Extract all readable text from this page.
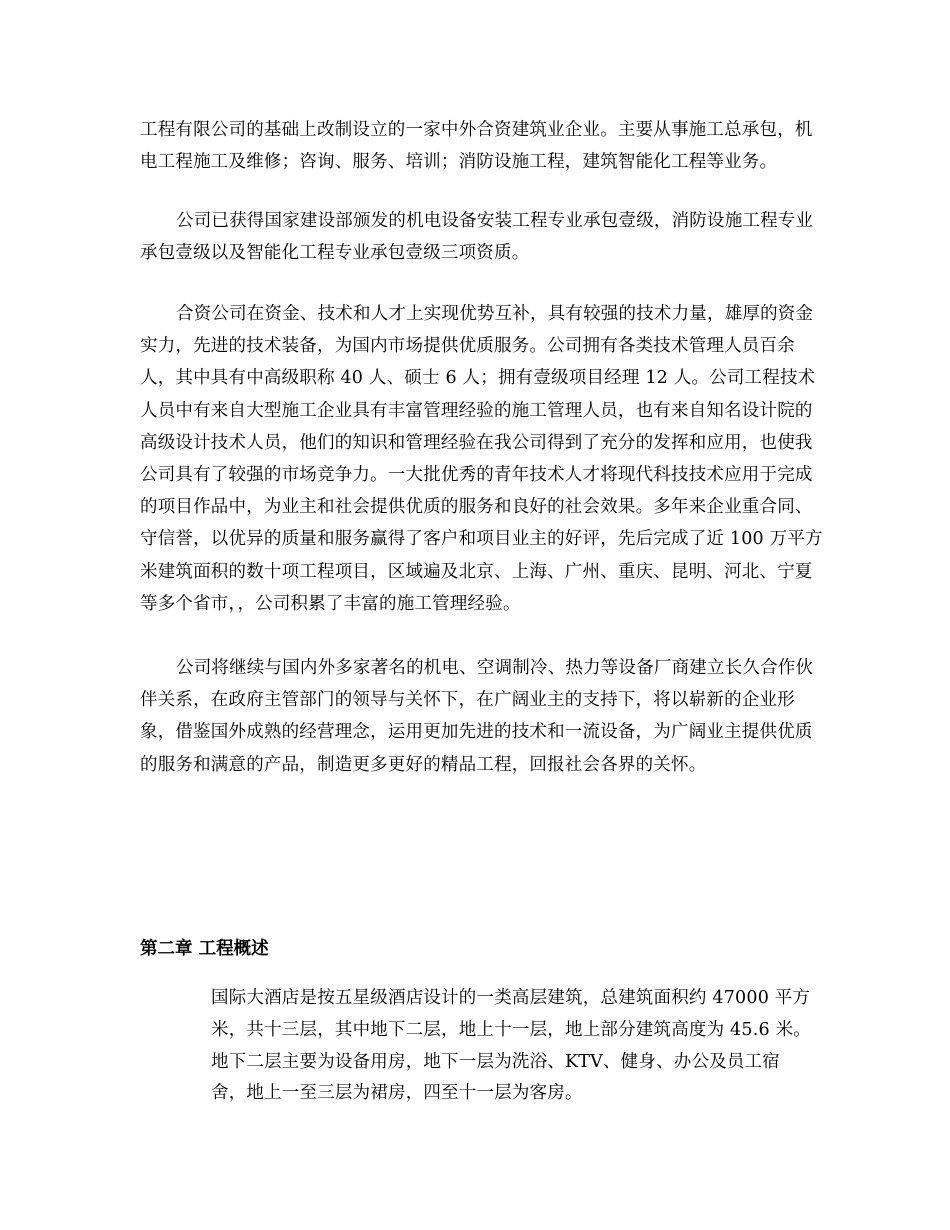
工程有限公司的基础上改制设立的一家中外合资建筑业企业。主要从事施工总承包，机电工程施工及维修；咨询、服务、培训；消防设施工程，建筑智能化工程等业务。

公司已获得国家建设部颁发的机电设备安装工程专业承包壹级，消防设施工程专业承包壹级以及智能化工程专业承包壹级三项资质。

合资公司在资金、技术和人才上实现优势互补，具有较强的技术力量，雄厚的资金实力，先进的技术装备，为国内市场提供优质服务。公司拥有各类技术管理人员百余人，其中具有中高级职称 40 人、硕士 6 人；拥有壹级项目经理 12 人。公司工程技术人员中有来自大型施工企业具有丰富管理经验的施工管理人员，也有来自知名设计院的高级设计技术人员，他们的知识和管理经验在我公司得到了充分的发挥和应用，也使我公司具有了较强的市场竞争力。一大批优秀的青年技术人才将现代科技技术应用于完成的项目作品中，为业主和社会提供优质的服务和良好的社会效果。多年来企业重合同、守信誉，以优异的质量和服务赢得了客户和项目业主的好评，先后完成了近 100 万平方米建筑面积的数十项工程项目，区域遍及北京、上海、广州、重庆、昆明、河北、宁夏等多个省市，，公司积累了丰富的施工管理经验。

公司将继续与国内外多家著名的机电、空调制冷、热力等设备厂商建立长久合作伙伴关系，在政府主管部门的领导与关怀下，在广阔业主的支持下，将以崭新的企业形象，借鉴国外成熟的经营理念，运用更加先进的技术和一流设备，为广阔业主提供优质的服务和满意的产品，制造更多更好的精品工程，回报社会各界的关怀。

第二章 工程概述

国际大酒店是按五星级酒店设计的一类高层建筑，总建筑面积约 47000 平方米，共十三层，其中地下二层，地上十一层，地上部分建筑高度为 45.6 米。地下二层主要为设备用房，地下一层为洗浴、KTV、健身、办公及员工宿舍，地上一至三层为裙房，四至十一层为客房。
